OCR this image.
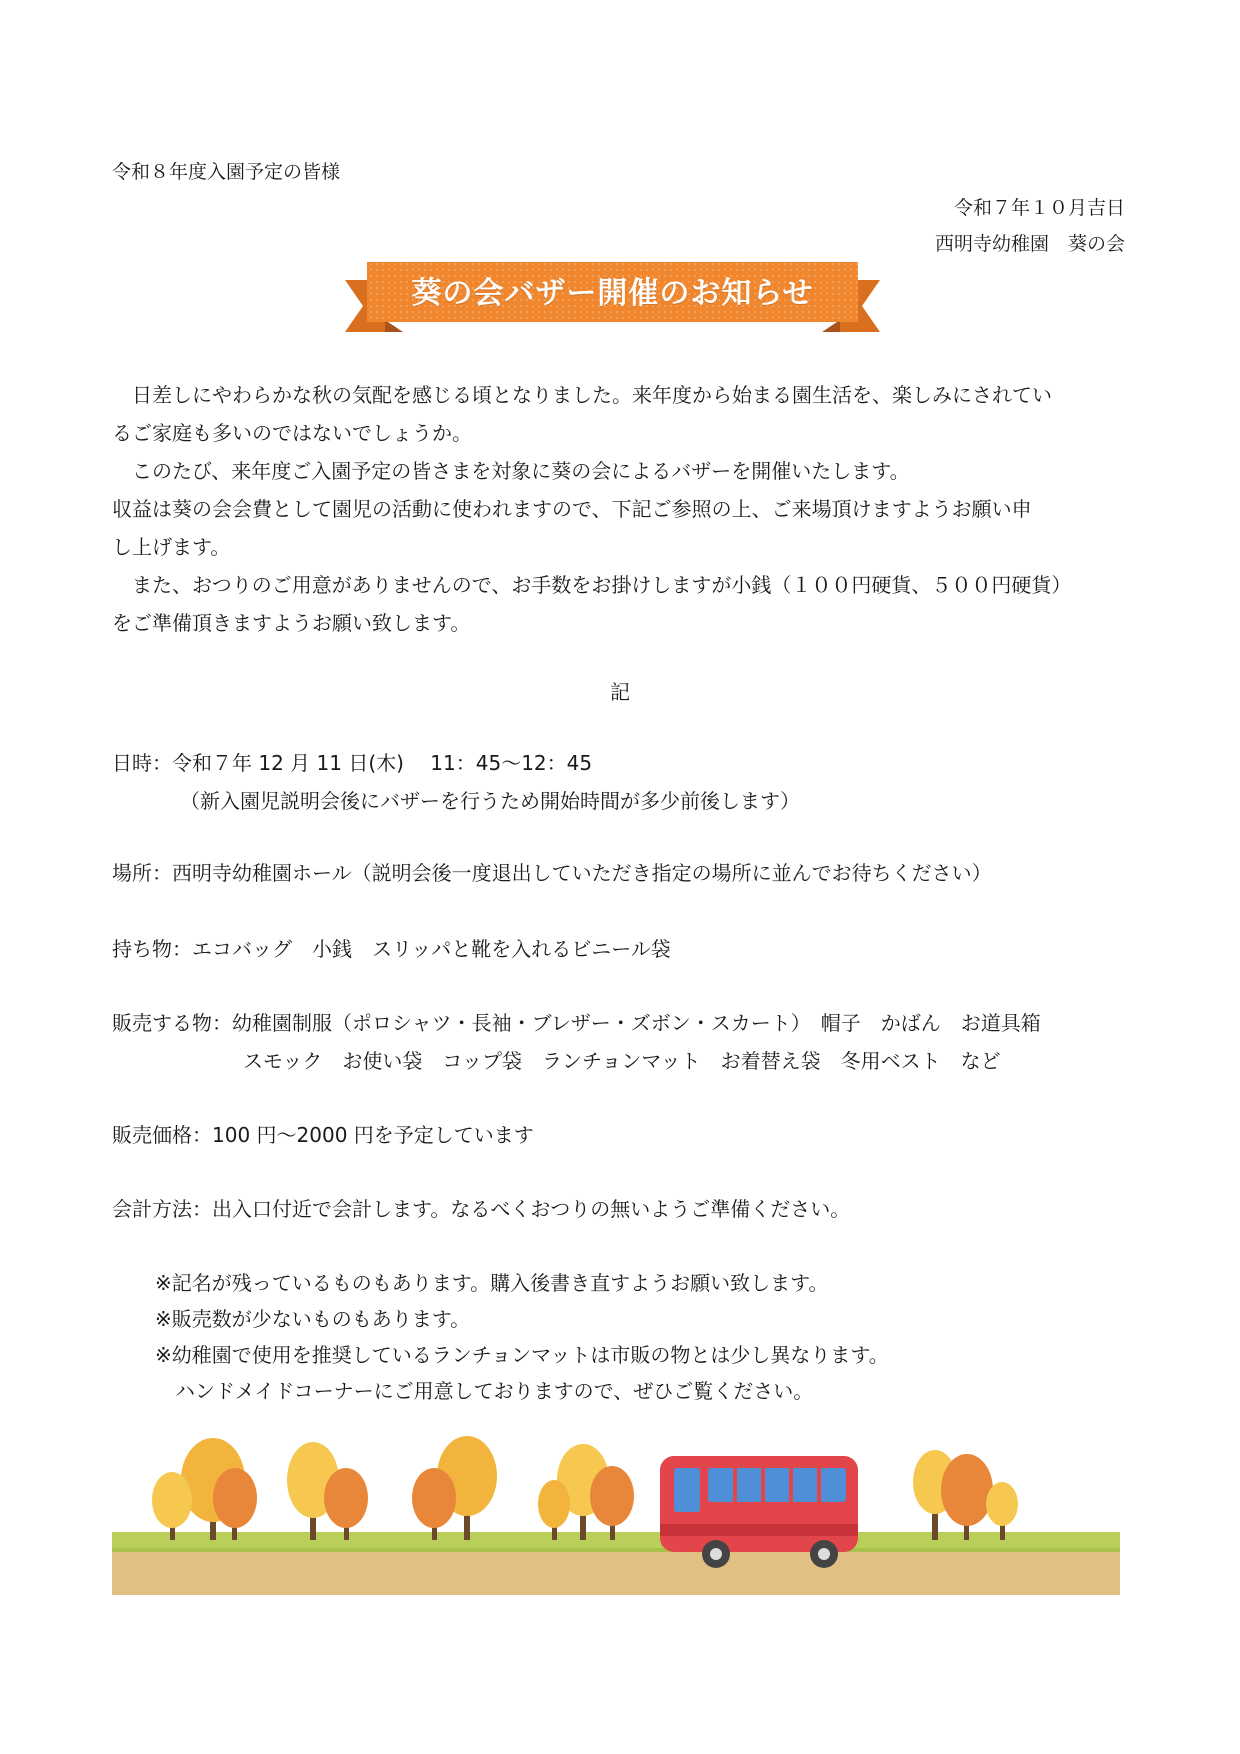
令和８年度入園予定の皆様
令和７年１０月吉日
西明寺幼稚園　葵の会
葵の会バザー開催のお知らせ

　日差しにやわらかな秋の気配を感じる頃となりました。来年度から始まる園生活を、楽しみにされてい

るご家庭も多いのではないでしょうか。

　このたび、来年度ご入園予定の皆さまを対象に葵の会によるバザーを開催いたします。

収益は葵の会会費として園児の活動に使われますので、下記ご参照の上、ご来場頂けますようお願い申

し上げます。

　また、おつりのご用意がありませんので、お手数をお掛けしますが小銭（１００円硬貨、５００円硬貨）

をご準備頂きますようお願い致します。

記
日時：令和７年 12 月 11 日(木)　 11：45～12：45
（新入園児説明会後にバザーを行うため開始時間が多少前後します）
場所：西明寺幼稚園ホール（説明会後一度退出していただき指定の場所に並んでお待ちください）
持ち物：エコバッグ　小銭　スリッパと靴を入れるビニール袋
販売する物：幼稚園制服（ポロシャツ・長袖・ブレザー・ズボン・スカート）　帽子　かばん　お道具箱
スモック　お使い袋　コップ袋　ランチョンマット　お着替え袋　冬用ベスト　など
販売価格：100 円～2000 円を予定しています
会計方法：出入口付近で会計します。なるべくおつりの無いようご準備ください。
※記名が残っているものもあります。購入後書き直すようお願い致します。
※販売数が少ないものもあります。
※幼稚園で使用を推奨しているランチョンマットは市販の物とは少し異なります。
　ハンドメイドコーナーにご用意しておりますので、ぜひご覧ください。
